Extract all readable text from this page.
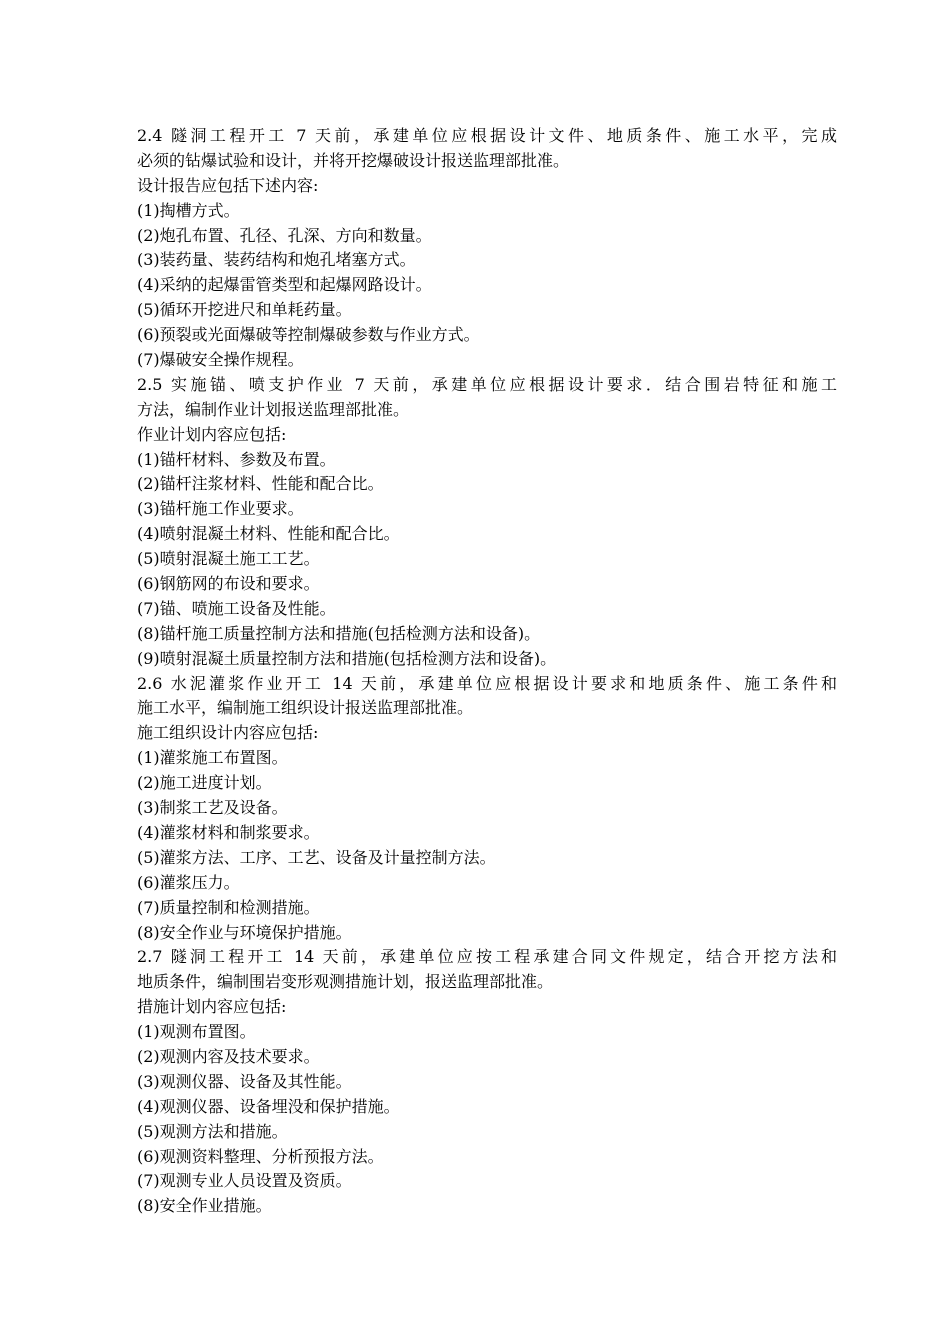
2.4 隧洞工程开工 7 天前，承建单位应根据设计文件、地质条件、施工水平，完成
必须的钻爆试验和设计，并将开挖爆破设计报送监理部批准。
设计报告应包括下述内容:
(1)掏槽方式。
(2)炮孔布置、孔径、孔深、方向和数量。
(3)装药量、装药结构和炮孔堵塞方式。
(4)采纳的起爆雷管类型和起爆网路设计。
(5)循环开挖进尺和单耗药量。
(6)预裂或光面爆破等控制爆破参数与作业方式。
(7)爆破安全操作规程。
2.5 实施锚、喷支护作业 7 天前，承建单位应根据设计要求．结合围岩特征和施工
方法，编制作业计划报送监理部批准。
作业计划内容应包括:
(1)锚杆材料、参数及布置。
(2)锚杆注浆材料、性能和配合比。
(3)锚杆施工作业要求。
(4)喷射混凝土材料、性能和配合比。
(5)喷射混凝土施工工艺。
(6)钢筋网的布设和要求。
(7)锚、喷施工设备及性能。
(8)锚杆施工质量控制方法和措施(包括检测方法和设备)。
(9)喷射混凝土质量控制方法和措施(包括检测方法和设备)。
2.6 水泥灌浆作业开工 14 天前，承建单位应根据设计要求和地质条件、施工条件和
施工水平，编制施工组织设计报送监理部批准。
施工组织设计内容应包括:
(1)灌浆施工布置图。
(2)施工进度计划。
(3)制浆工艺及设备。
(4)灌浆材料和制浆要求。
(5)灌浆方法、工序、工艺、设备及计量控制方法。
(6)灌浆压力。
(7)质量控制和检测措施。
(8)安全作业与环境保护措施。
2.7 隧洞工程开工 14 天前，承建单位应按工程承建合同文件规定，结合开挖方法和
地质条件，编制围岩变形观测措施计划，报送监理部批准。
措施计划内容应包括:
(1)观测布置图。
(2)观测内容及技术要求。
(3)观测仪器、设备及其性能。
(4)观测仪器、设备埋没和保护措施。
(5)观测方法和措施。
(6)观测资料整理、分析预报方法。
(7)观测专业人员设置及资质。
(8)安全作业措施。
